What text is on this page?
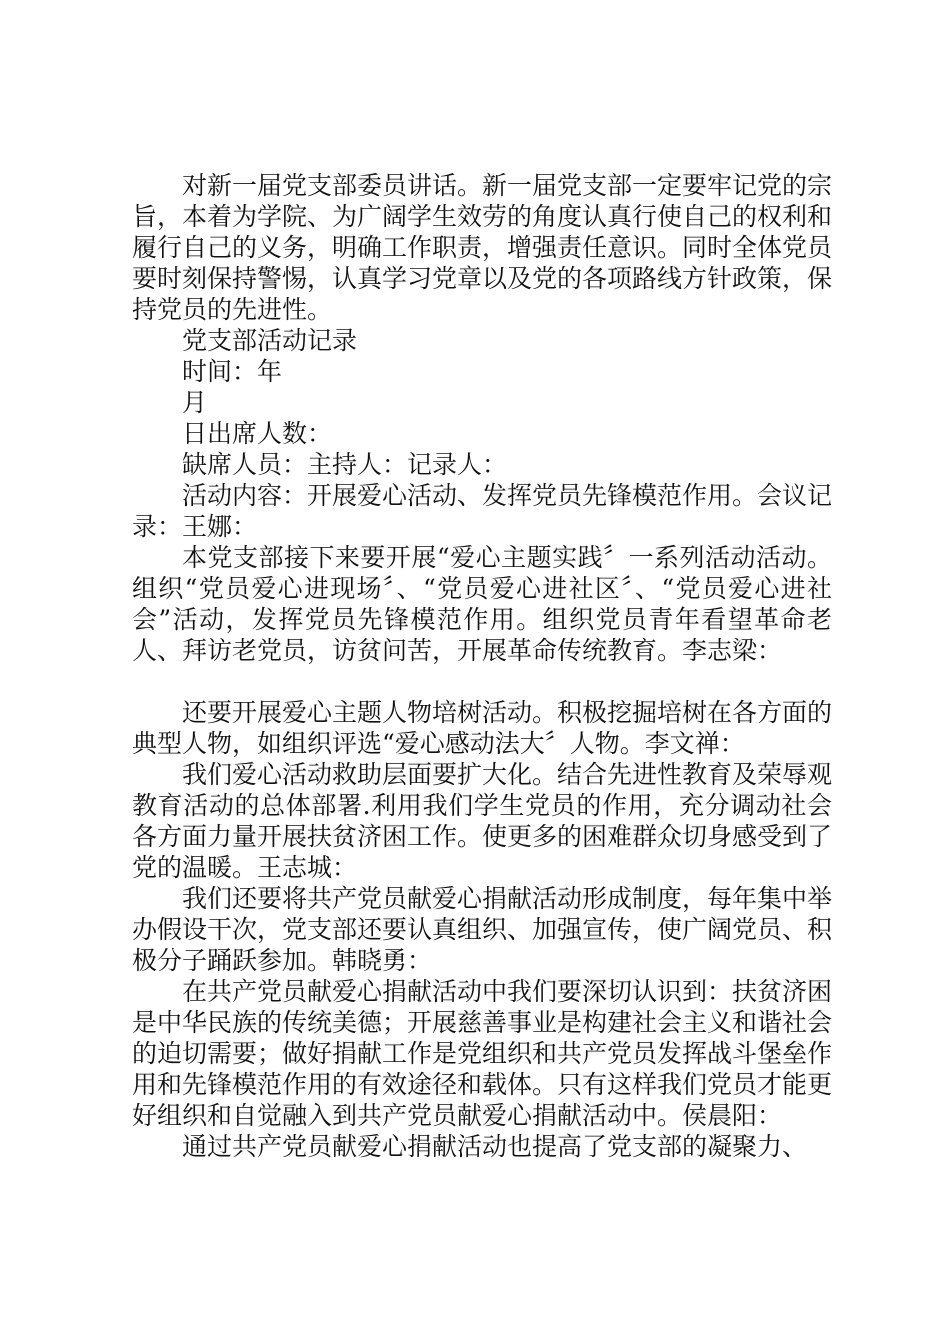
对新一届党支部委员讲话。新一届党支部一定要牢记党的宗旨，本着为学院、为广阔学生效劳的角度认真行使自己的权利和履行自己的义务，明确工作职责，增强责任意识。同时全体党员要时刻保持警惕，认真学习党章以及党的各项路线方针政策，保持党员的先进性。

党支部活动记录

时间：年

月

日出席人数：

缺席人员：主持人：记录人：

活动内容：开展爱心活动、发挥党员先锋模范作用。会议记录：王娜：

本党支部接下来要开展“爱心主题实践〞一系列活动活动。组织“党员爱心进现场〞、“党员爱心进社区〞、“党员爱心进社会”活动，发挥党员先锋模范作用。组织党员青年看望革命老人、拜访老党员，访贫问苦，开展革命传统教育。李志梁：

还要开展爱心主题人物培树活动。积极挖掘培树在各方面的典型人物，如组织评选“爱心感动法大〞人物。李文禅：

我们爱心活动救助层面要扩大化。结合先进性教育及荣辱观教育活动的总体部署.利用我们学生党员的作用，充分调动社会各方面力量开展扶贫济困工作。使更多的困难群众切身感受到了党的温暖。王志城：

我们还要将共产党员献爱心捐献活动形成制度，每年集中举办假设干次，党支部还要认真组织、加强宣传，使广阔党员、积极分子踊跃参加。韩晓勇：

在共产党员献爱心捐献活动中我们要深切认识到：扶贫济困是中华民族的传统美德；开展慈善事业是构建社会主义和谐社会的迫切需要；做好捐献工作是党组织和共产党员发挥战斗堡垒作用和先锋模范作用的有效途径和载体。只有这样我们党员才能更好组织和自觉融入到共产党员献爱心捐献活动中。侯晨阳：

通过共产党员献爱心捐献活动也提高了党支部的凝聚力、
